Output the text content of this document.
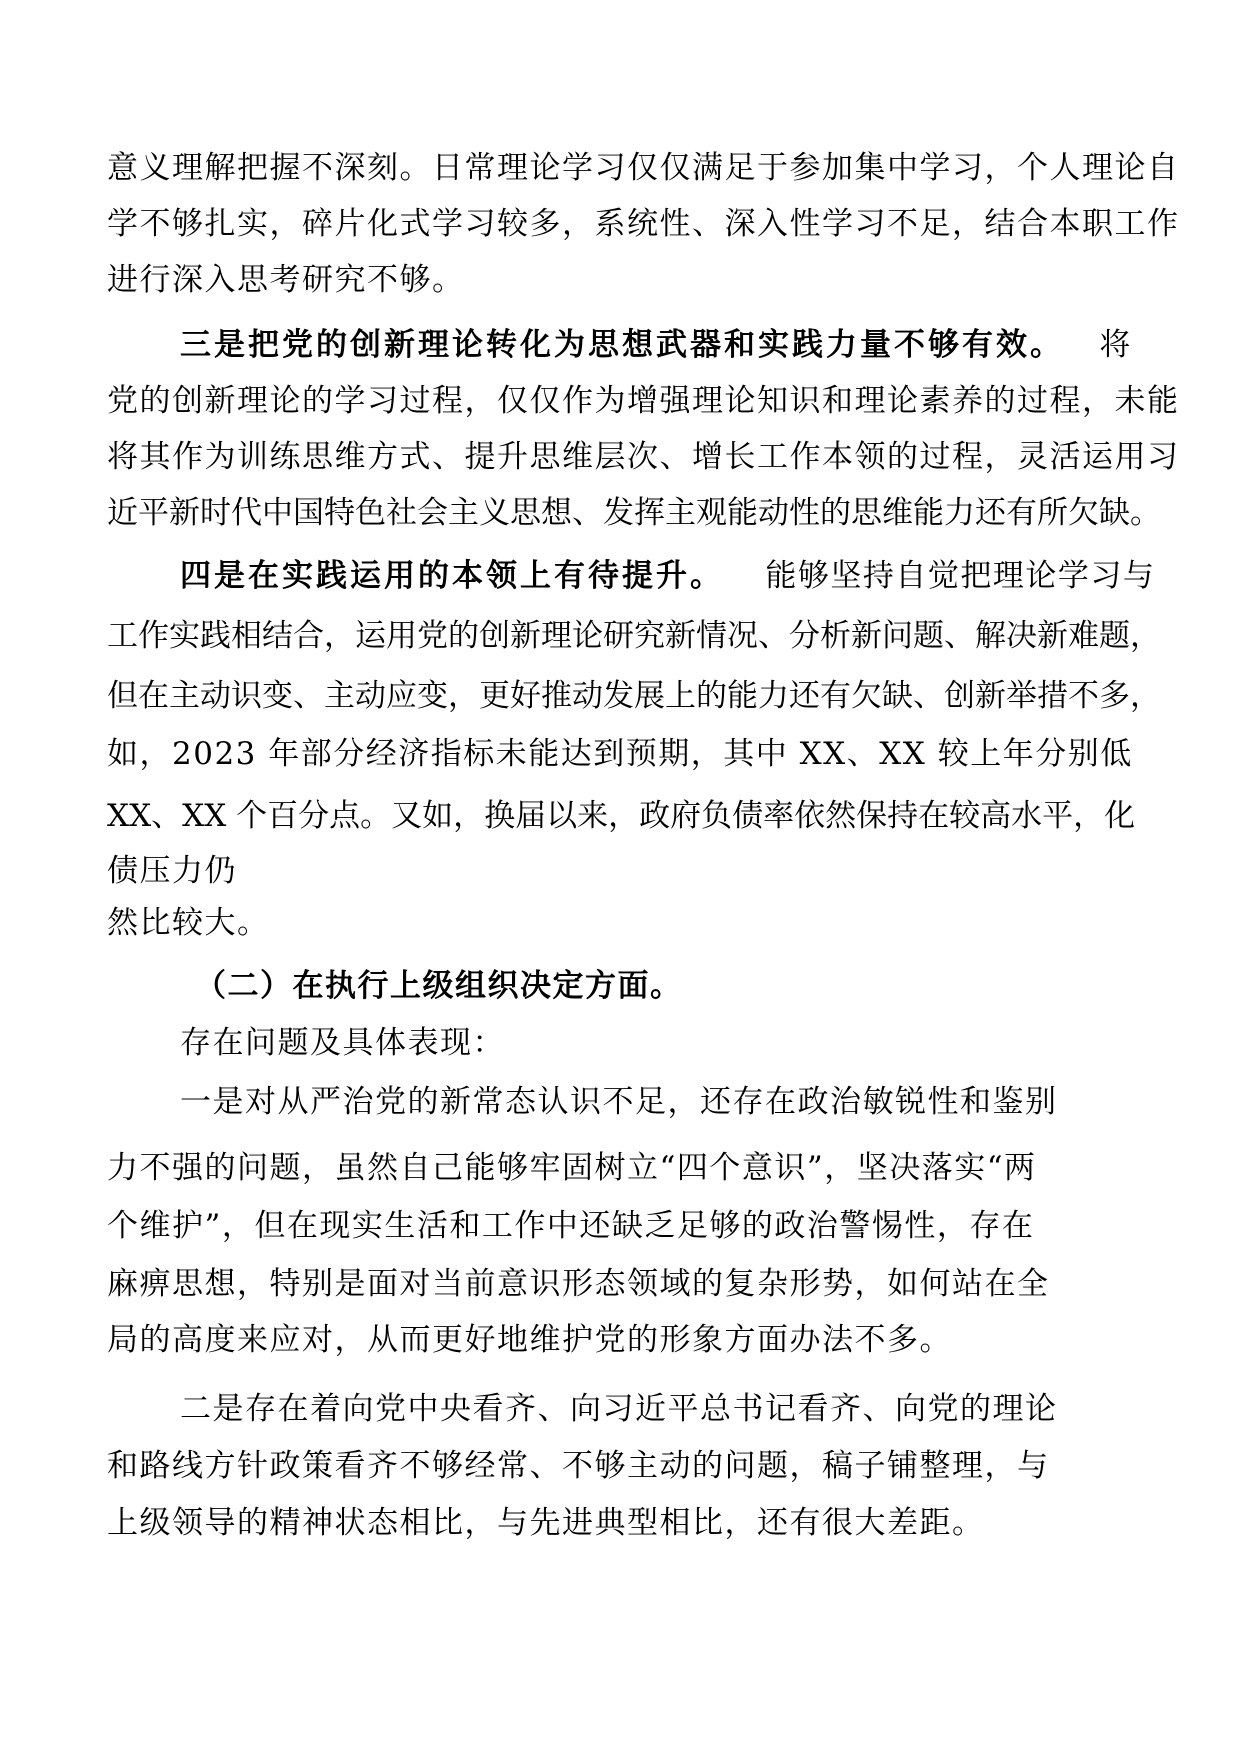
意义理解把握不深刻。日常理论学习仅仅满足于参加集中学习，个人理论自
学不够扎实，碎片化式学习较多，系统性、深入性学习不足，结合本职工作
进行深入思考研究不够。
三是把党的创新理论转化为思想武器和实践力量不够有效。 将
党的创新理论的学习过程，仅仅作为增强理论知识和理论素养的过程，未能
将其作为训练思维方式、提升思维层次、增长工作本领的过程，灵活运用习
近平新时代中国特色社会主义思想、发挥主观能动性的思维能力还有所欠缺。
四是在实践运用的本领上有待提升。 能够坚持自觉把理论学习与
工作实践相结合，运用党的创新理论研究新情况、分析新问题、解决新难题，
但在主动识变、主动应变，更好推动发展上的能力还有欠缺、创新举措不多，
如，2023 年部分经济指标未能达到预期，其中 XX、XX 较上年分别低
XX、XX 个百分点。又如，换届以来，政府负债率依然保持在较高水平，化
债压力仍
然比较大。
（二）在执行上级组织决定方面。
存在问题及具体表现：
一是对从严治党的新常态认识不足，还存在政治敏锐性和鉴别
力不强的问题，虽然自己能够牢固树立“四个意识”，坚决落实“两
个维护”，但在现实生活和工作中还缺乏足够的政治警惕性，存在
麻痹思想，特别是面对当前意识形态领域的复杂形势，如何站在全
局的高度来应对，从而更好地维护党的形象方面办法不多。
二是存在着向党中央看齐、向习近平总书记看齐、向党的理论
和路线方针政策看齐不够经常、不够主动的问题，稿子铺整理，与
上级领导的精神状态相比，与先进典型相比，还有很大差距。
